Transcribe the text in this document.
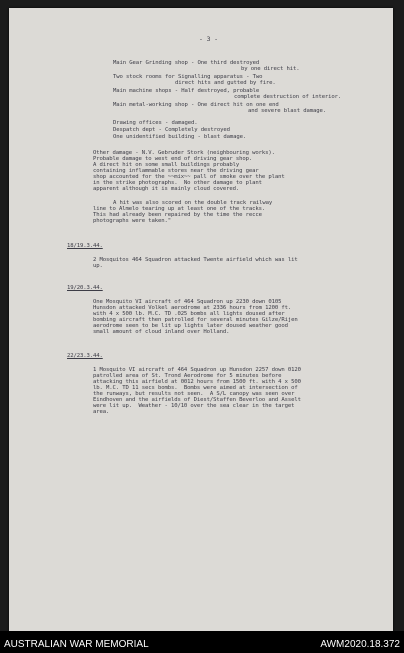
- 3 -
Main Gear Grinding shop - One third destroyed
by one direct hit.
Two stock rooms for Signalling apparatus - Two
direct hits and gutted by fire.
Main machine shops - Half destroyed, probable
complete destruction of interior.
Main metal-working shop - One direct hit on one end
and severe blast damage.
Drawing offices - damaged.
Despatch dept - Completely destroyed
One unidentified building - blast damage.
Other damage - N.V. Gebruder Stork (neighbouring works).
Probable damage to west end of driving gear shop.
A direct hit on some small buildings probably
containing inflammable stores near the driving gear
shop accounted for the ~~mix~~ pall of smoke over the plant
in the strike photographs.  No other damage to plant
apparent although it is mainly cloud covered.
A hit was also scored on the double track railway
line to Almelo tearing up at least one of the tracks.
This had already been repaired by the time the recce
photographs were taken."
18/19.3.44.
2 Mosquitos 464 Squadron attacked Twente airfield which was lit
up.
19/20.3.44.
One Mosquito VI aircraft of 464 Squadron up 2230 down 0105
Hunsdon attacked Volkel aerodrome at 2336 hours from 1200 ft.
with 4 x 500 lb. M.C. TD .025 bombs all lights doused after
bombing aircraft then patrolled for several minutes Gilze/Rijen
aerodrome seen to be lit up lights later doused weather good
small amount of cloud inland over Holland.
22/23.3.44.
1 Mosquito VI aircraft of 464 Squadron up Hunsdon 2257 down 0120
patrolled area of St. Trond Aerodrome for 5 minutes before
attacking this airfield at 0012 hours from 1500 ft. with 4 x 500
lb. M.C. TD 11 secs bombs.  Bombs were aimed at intersection of
the runways, but results not seen.  A S/L canopy was seen over
Eindhoven and the airfields of Diest/Staffen Beverloo and Asselt
were lit up.  Weather - 10/10 over the sea clear in the target
area.
AUSTRALIAN WAR MEMORIAL	AWM2020.18.372
